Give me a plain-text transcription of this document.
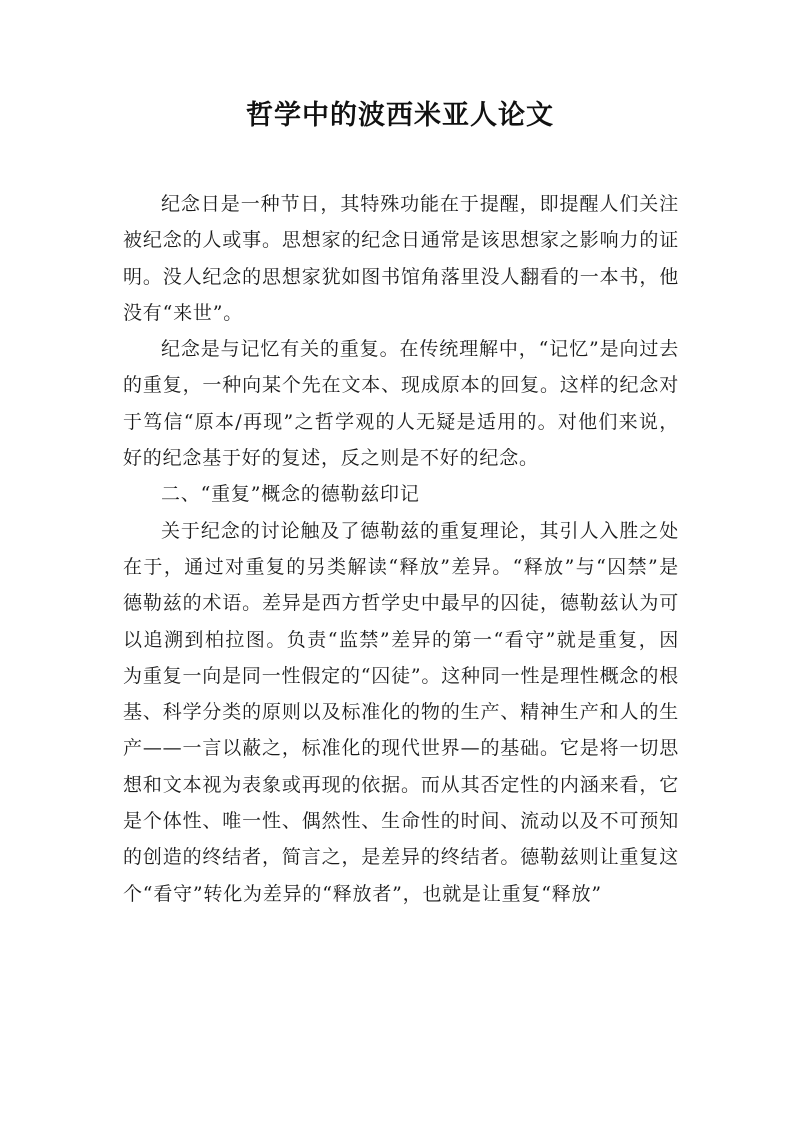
哲学中的波西米亚人论文

纪念日是一种节日，其特殊功能在于提醒，即提醒人们关注被纪念的人或事。思想家的纪念日通常是该思想家之影响力的证明。没人纪念的思想家犹如图书馆角落里没人翻看的一本书，他没有“来世”。

纪念是与记忆有关的重复。在传统理解中，“记忆”是向过去的重复，一种向某个先在文本、现成原本的回复。这样的纪念对于笃信“原本/再现”之哲学观的人无疑是适用的。对他们来说，好的纪念基于好的复述，反之则是不好的纪念。

二、“重复”概念的德勒兹印记

关于纪念的讨论触及了德勒兹的重复理论，其引人入胜之处在于，通过对重复的另类解读“释放”差异。“释放”与“囚禁”是德勒兹的术语。差异是西方哲学史中最早的囚徒，德勒兹认为可以追溯到柏拉图。负责“监禁”差异的第一“看守”就是重复，因为重复一向是同一性假定的“囚徒”。这种同一性是理性概念的根基、科学分类的原则以及标准化的物的生产、精神生产和人的生产——一言以蔽之，标准化的现代世界—的基础。它是将一切思想和文本视为表象或再现的依据。而从其否定性的内涵来看，它是个体性、唯一性、偶然性、生命性的时间、流动以及不可预知的创造的终结者，简言之，是差异的终结者。德勒兹则让重复这个“看守”转化为差异的“释放者”，也就是让重复“释放”
